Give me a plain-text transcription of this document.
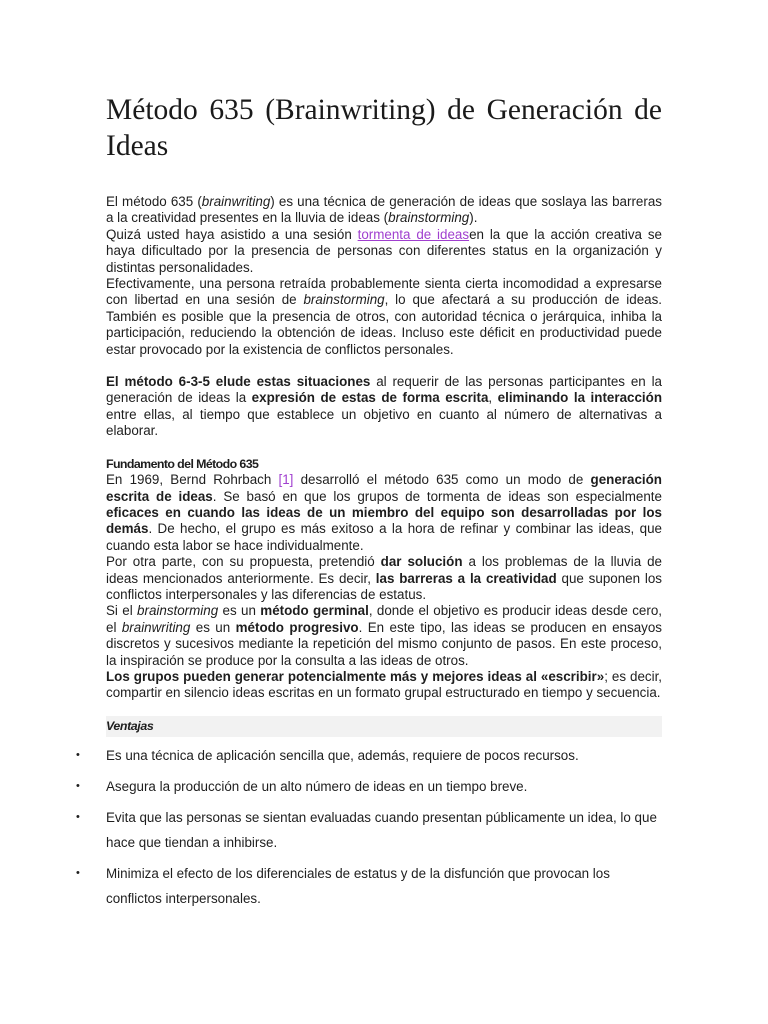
Método 635 (Brainwriting) de Generación de Ideas

El método 635 (brainwriting) es una técnica de generación de ideas que soslaya las barreras a la creatividad presentes en la lluvia de ideas (brainstorming).

Quizá usted haya asistido a una sesión tormenta de ideasen la que la acción creativa se haya dificultado por la presencia de personas con diferentes status en la organización y distintas personalidades.

Efectivamente, una persona retraída probablemente sienta cierta incomodidad a expresarse con libertad en una sesión de brainstorming, lo que afectará a su producción de ideas. También es posible que la presencia de otros, con autoridad técnica o jerárquica, inhiba la participación, reduciendo la obtención de ideas. Incluso este déficit en productividad puede estar provocado por la existencia de conflictos personales.

El método 6-3-5 elude estas situaciones al requerir de las personas participantes en la generación de ideas la expresión de estas de forma escrita, eliminando la interacción entre ellas, al tiempo que establece un objetivo en cuanto al número de alternativas a elaborar.

Fundamento del Método 635

En 1969, Bernd Rohrbach [1] desarrolló el método 635 como un modo de generación escrita de ideas. Se basó en que los grupos de tormenta de ideas son especialmente eficaces en cuando las ideas de un miembro del equipo son desarrolladas por los demás. De hecho, el grupo es más exitoso a la hora de refinar y combinar las ideas, que cuando esta labor se hace individualmente.

Por otra parte, con su propuesta, pretendió dar solución a los problemas de la lluvia de ideas mencionados anteriormente. Es decir, las barreras a la creatividad que suponen los conflictos interpersonales y las diferencias de estatus.

Si el brainstorming es un método germinal, donde el objetivo es producir ideas desde cero, el brainwriting es un método progresivo. En este tipo, las ideas se producen en ensayos discretos y sucesivos mediante la repetición del mismo conjunto de pasos. En este proceso, la inspiración se produce por la consulta a las ideas de otros.

Los grupos pueden generar potencialmente más y mejores ideas al «escribir»; es decir, compartir en silencio ideas escritas en un formato grupal estructurado en tiempo y secuencia.

Ventajas
• Es una técnica de aplicación sencilla que, además, requiere de pocos recursos.
• Asegura la producción de un alto número de ideas en un tiempo breve.
• Evita que las personas se sientan evaluadas cuando presentan públicamente un idea, lo que hace que tiendan a inhibirse.
• Minimiza el efecto de los diferenciales de estatus y de la disfunción que provocan los conflictos interpersonales.
